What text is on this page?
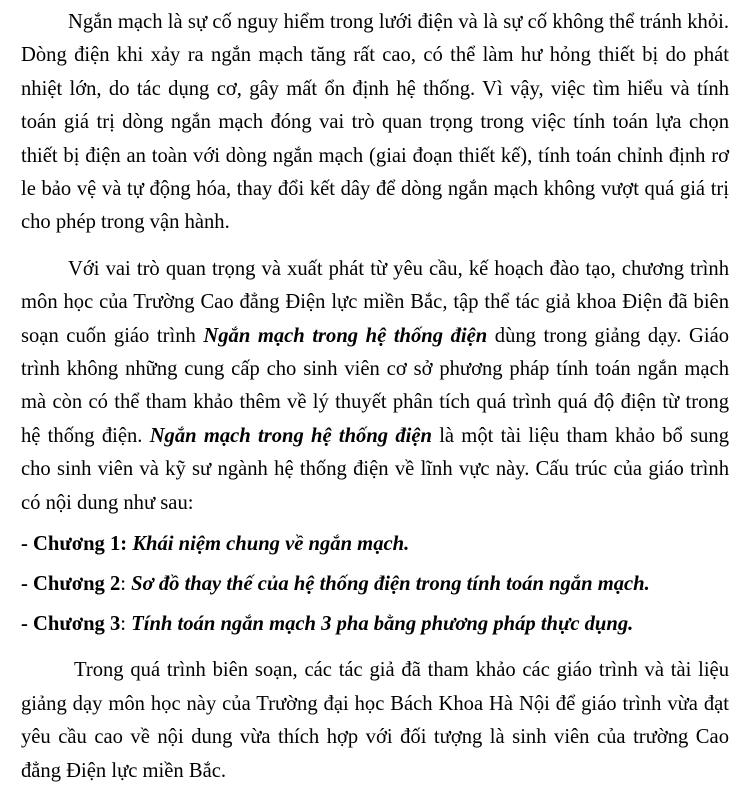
Ngắn mạch là sự cố nguy hiểm trong lưới điện và là sự cố không thể tránh khỏi. Dòng điện khi xảy ra ngắn mạch tăng rất cao, có thể làm hư hỏng thiết bị do phát nhiệt lớn, do tác dụng cơ, gây mất ổn định hệ thống. Vì vậy, việc tìm hiểu và tính toán giá trị dòng ngắn mạch đóng vai trò quan trọng trong việc tính toán lựa chọn thiết bị điện an toàn với dòng ngắn mạch (giai đoạn thiết kế), tính toán chỉnh định rơ le bảo vệ và tự động hóa, thay đổi kết dây để dòng ngắn mạch không vượt quá giá trị cho phép trong vận hành.

Với vai trò quan trọng và xuất phát từ yêu cầu, kế hoạch đào tạo, chương trình môn học của Trường Cao đẳng Điện lực miền Bắc, tập thể tác giả khoa Điện đã biên soạn cuốn giáo trình Ngắn mạch trong hệ thống điện dùng trong giảng dạy. Giáo trình không những cung cấp cho sinh viên cơ sở phương pháp tính toán ngắn mạch mà còn có thể tham khảo thêm về lý thuyết phân tích quá trình quá độ điện từ trong hệ thống điện. Ngắn mạch trong hệ thống điện là một tài liệu tham khảo bổ sung cho sinh viên và kỹ sư ngành hệ thống điện về lĩnh vực này. Cấu trúc của giáo trình có nội dung như sau:

- Chương 1: Khái niệm chung về ngắn mạch.

- Chương 2: Sơ đồ thay thế của hệ thống điện trong tính toán ngắn mạch.

- Chương 3: Tính toán ngắn mạch 3 pha bằng phương pháp thực dụng.

Trong quá trình biên soạn, các tác giả đã tham khảo các giáo trình và tài liệu giảng dạy môn học này của Trường đại học Bách Khoa Hà Nội để giáo trình vừa đạt yêu cầu cao về nội dung vừa thích hợp với đối tượng là sinh viên của trường Cao đẳng Điện lực miền Bắc.
